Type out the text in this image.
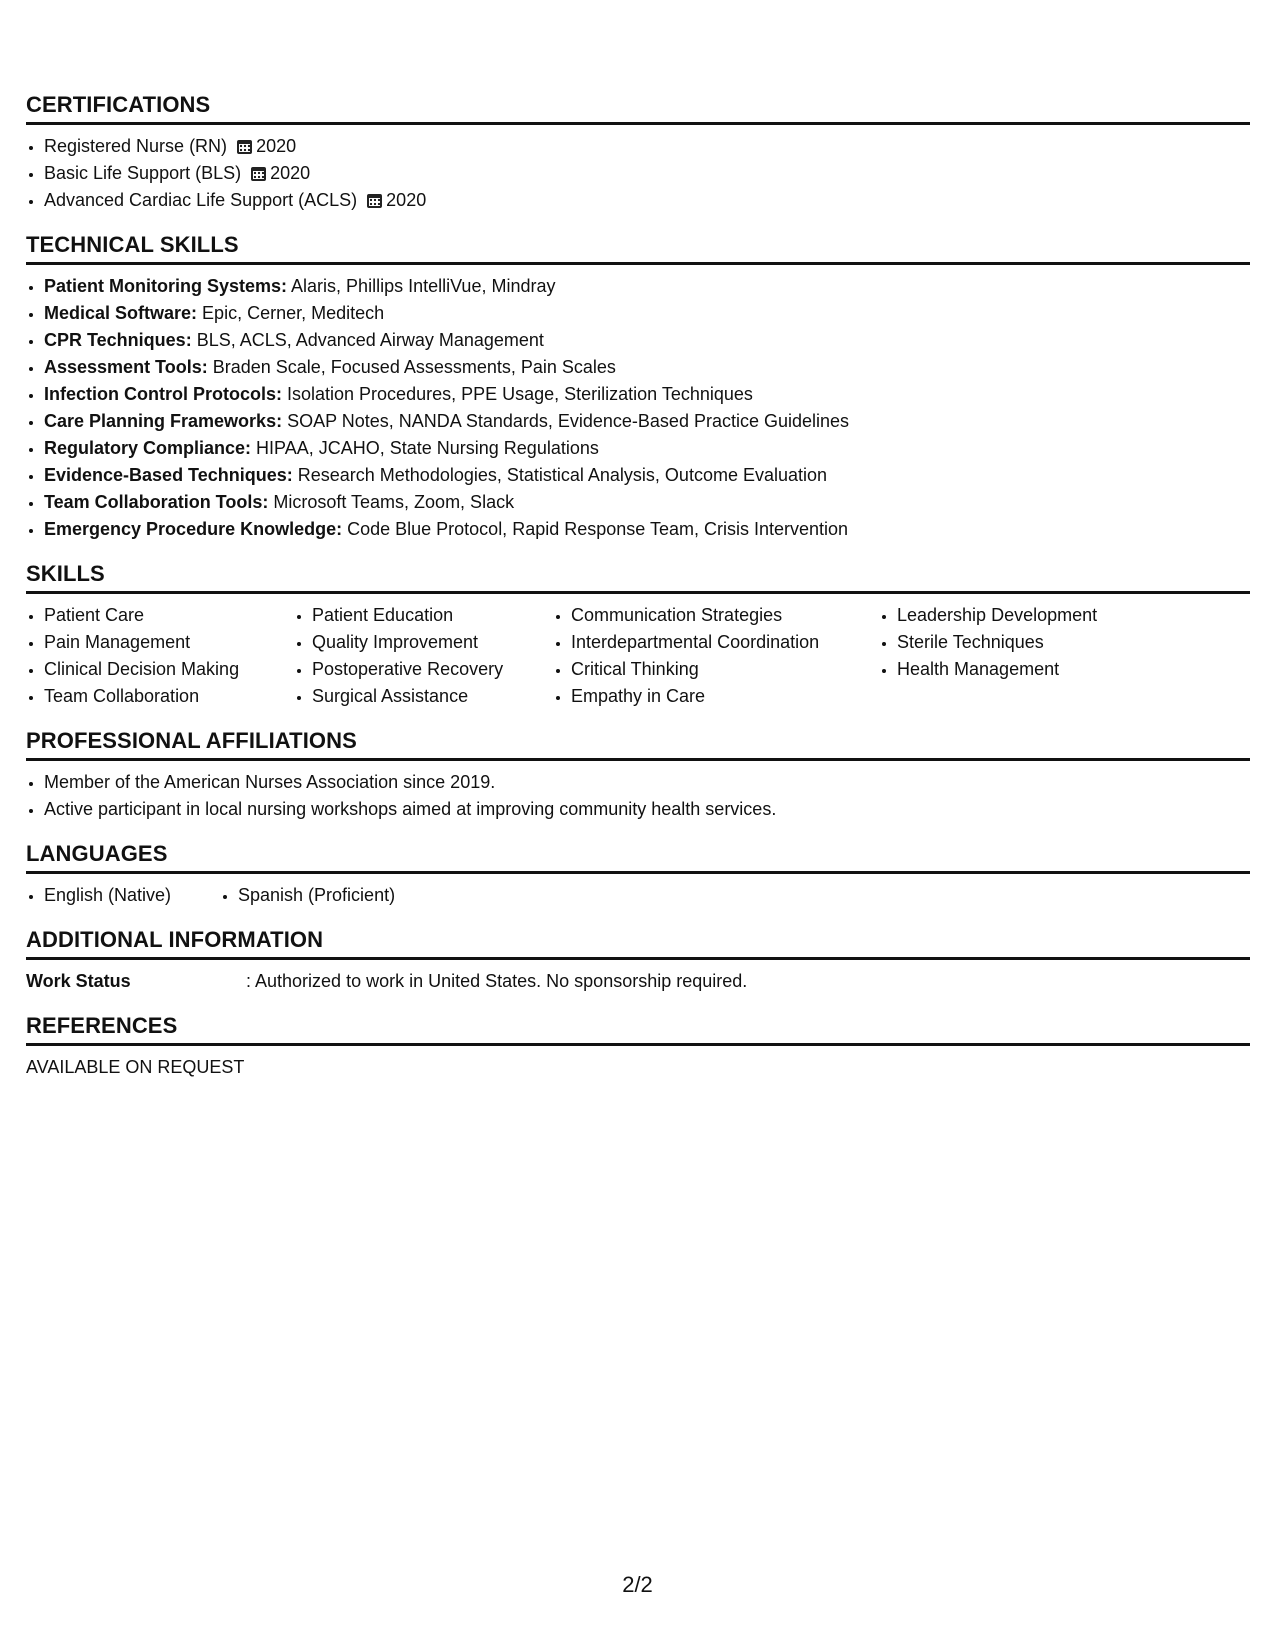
CERTIFICATIONS
• Registered Nurse (RN) 2020
• Basic Life Support (BLS) 2020
• Advanced Cardiac Life Support (ACLS) 2020
TECHNICAL SKILLS
• Patient Monitoring Systems: Alaris, Phillips IntelliVue, Mindray
• Medical Software: Epic, Cerner, Meditech
• CPR Techniques: BLS, ACLS, Advanced Airway Management
• Assessment Tools: Braden Scale, Focused Assessments, Pain Scales
• Infection Control Protocols: Isolation Procedures, PPE Usage, Sterilization Techniques
• Care Planning Frameworks: SOAP Notes, NANDA Standards, Evidence-Based Practice Guidelines
• Regulatory Compliance: HIPAA, JCAHO, State Nursing Regulations
• Evidence-Based Techniques: Research Methodologies, Statistical Analysis, Outcome Evaluation
• Team Collaboration Tools: Microsoft Teams, Zoom, Slack
• Emergency Procedure Knowledge: Code Blue Protocol, Rapid Response Team, Crisis Intervention
SKILLS
• Patient Care
• Pain Management
• Clinical Decision Making
• Team Collaboration
• Patient Education
• Quality Improvement
• Postoperative Recovery
• Surgical Assistance
• Communication Strategies
• Interdepartmental Coordination
• Critical Thinking
• Empathy in Care
• Leadership Development
• Sterile Techniques
• Health Management
PROFESSIONAL AFFILIATIONS
• Member of the American Nurses Association since 2019.
• Active participant in local nursing workshops aimed at improving community health services.
LANGUAGES
• English (Native)
•	Spanish (Proficient)
ADDITIONAL INFORMATION
Work Status	: Authorized to work in United States. No sponsorship required.
REFERENCES
AVAILABLE ON REQUEST
2/2
